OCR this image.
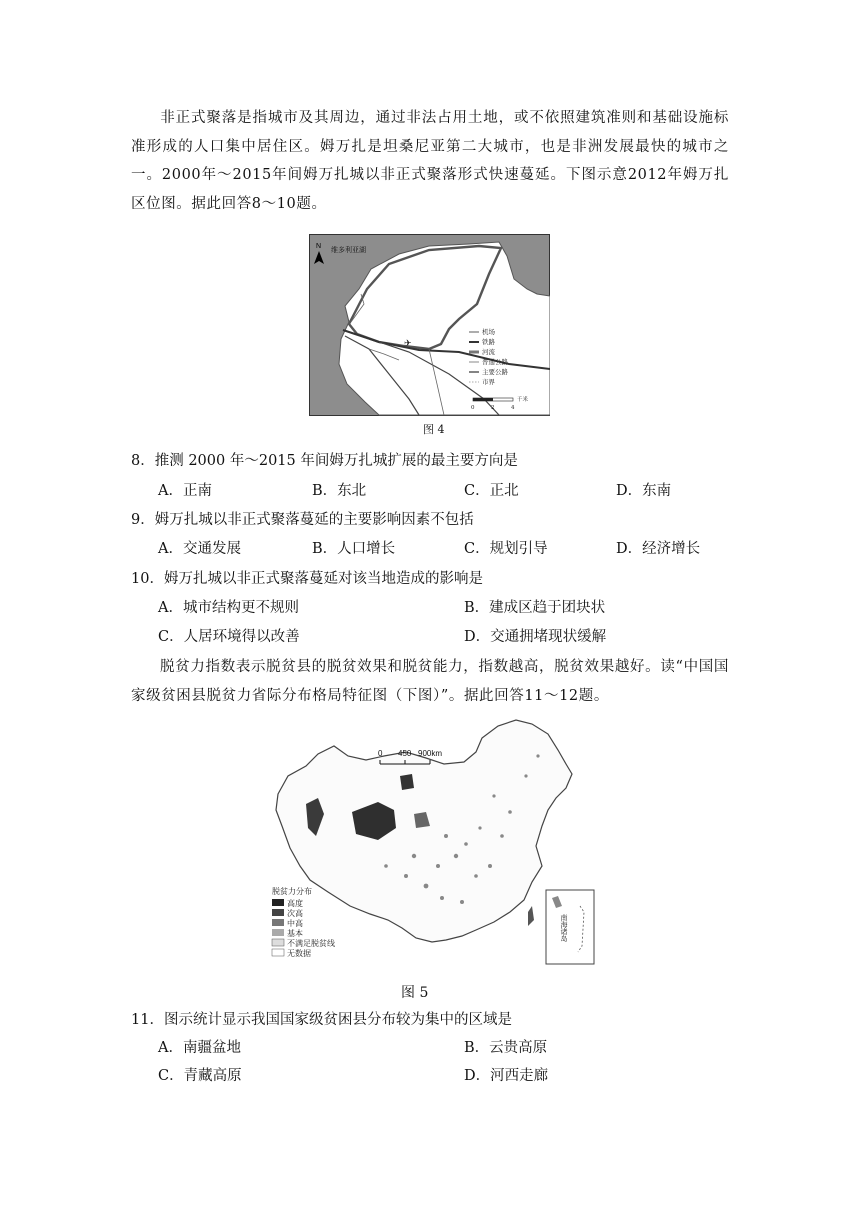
非正式聚落是指城市及其周边，通过非法占用土地，或不依照建筑准则和基础设施标准形成的人口集中居住区。姆万扎是坦桑尼亚第二大城市，也是非洲发展最快的城市之一。2000年～2015年间姆万扎城以非正式聚落形式快速蔓延。下图示意2012年姆万扎区位图。据此回答8～10题。
✈
N 维多利亚湖
机场
铁路
河流
普通公路
主要公路
市界
0	2	4
千米
图 4
8．推测 2000 年～2015 年间姆万扎城扩展的最主要方向是
A．正南	B．东北	C．正北	D．东南
9．姆万扎城以非正式聚落蔓延的主要影响因素不包括
A．交通发展	B．人口增长	C．规划引导	D．经济增长
10．姆万扎城以非正式聚落蔓延对该当地造成的影响是
A．城市结构更不规则	B．建成区趋于团块状
C．人居环境得以改善	D．交通拥堵现状缓解
脱贫力指数表示脱贫县的脱贫效果和脱贫能力，指数越高，脱贫效果越好。读“中国国家级贫困县脱贫力省际分布格局特征图（下图）”。据此回答11～12题。
0 450 900km
脱贫力分布
高度
次高
中高
基本
不满足脱贫线
无数据
南海诸岛
图 5
11．图示统计显示我国国家级贫困县分布较为集中的区域是
A．南疆盆地	B．云贵高原
C．青藏高原	D．河西走廊
